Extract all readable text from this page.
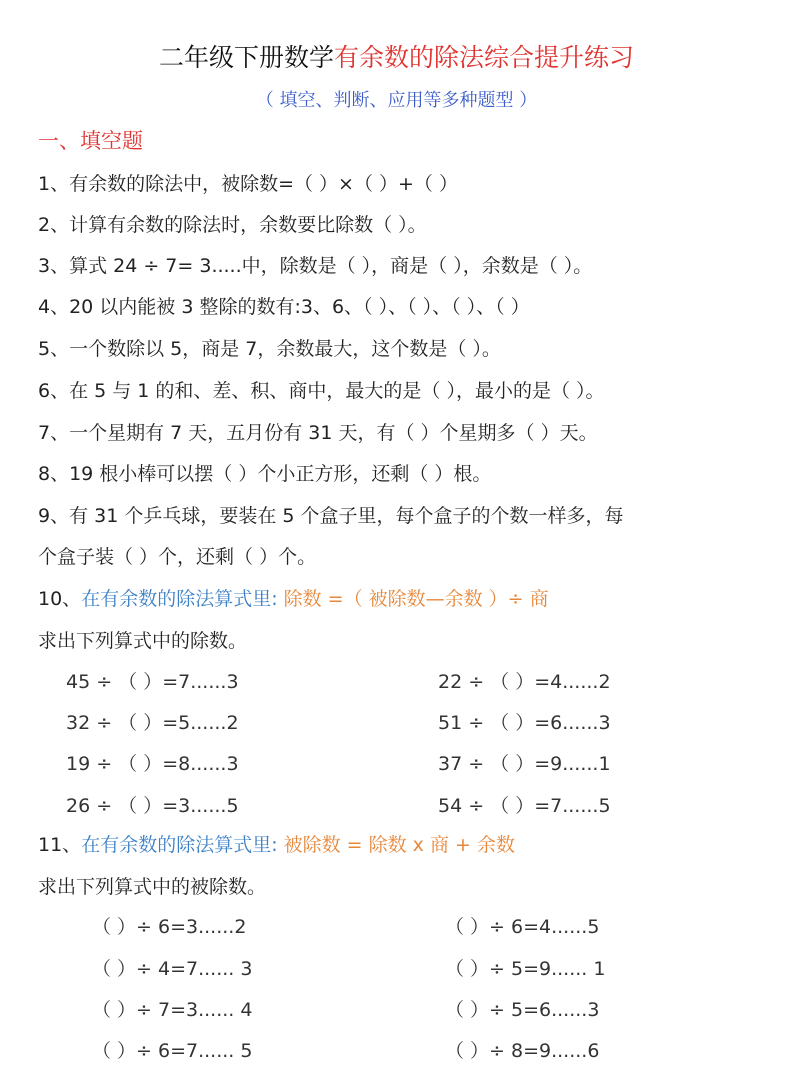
二年级下册数学有余数的除法综合提升练习
（ 填空、判断、应用等多种题型 ）
一、填空题
1、有余数的除法中，被除数=（ ）×（ ）+（ ）
2、计算有余数的除法时，余数要比除数（ ）。
3、算式 24 ÷ 7= 3.....中，除数是（ ），商是（ ），余数是（ ）。
4、20 以内能被 3 整除的数有:3、6、（ ）、（ ）、（ ）、（ ）
5、一个数除以 5，商是 7，余数最大，这个数是（ ）。
6、在 5 与 1 的和、差、积、商中，最大的是（ ），最小的是（ ）。
7、一个星期有 7 天，五月份有 31 天，有（ ）个星期多（ ）天。
8、19 根小棒可以摆（ ）个小正方形，还剩（ ）根。
9、有 31 个乒乓球，要装在 5 个盒子里，每个盒子的个数一样多，每
个盒子装（ ）个，还剩（ ）个。
10、在有余数的除法算式里: 除数 =（ 被除数—余数 ）÷ 商
求出下列算式中的除数。
45 ÷ （ ）=7......3
32 ÷ （ ）=5......2
19 ÷ （ ）=8......3
26 ÷ （ ）=3......5
22 ÷ （ ）=4......2
51 ÷ （ ）=6......3
37 ÷ （ ）=9......1
54 ÷ （ ）=7......5
11、在有余数的除法算式里: 被除数 = 除数 x 商 + 余数
求出下列算式中的被除数。
（ ）÷ 6=3......2
（ ）÷ 4=7...... 3
（ ）÷ 7=3...... 4
（ ）÷ 6=7...... 5
（ ）÷ 6=4......5
（ ）÷ 5=9...... 1
（ ）÷ 5=6......3
（ ）÷ 8=9......6
